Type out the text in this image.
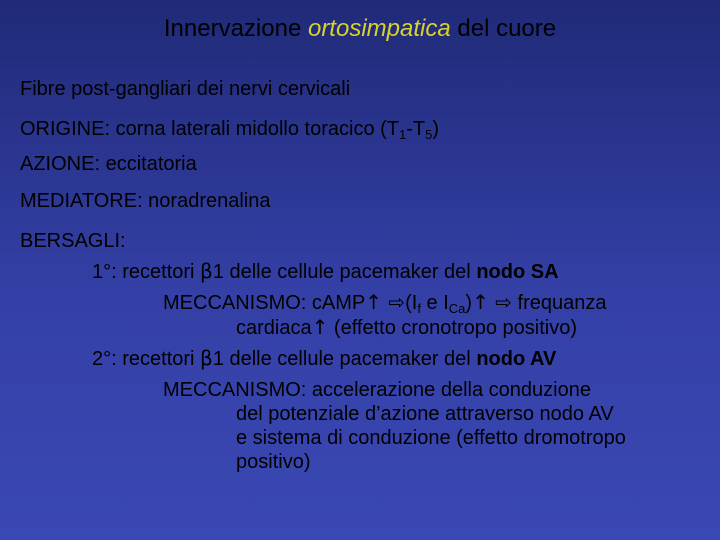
Innervazione ortosimpatica del cuore
Fibre post-gangliari dei nervi cervicali
ORIGINE: corna laterali midollo toracico $(T_1-T_5)$
AZIONE: eccitatoria
MEDIATORE: noradrenalina
BERSAGLI:
1°: recettori β1 delle cellule pacemaker del nodo SA
MECCANISMO: cAMP↑ $⇨(I_f$ e $I_{Ca})↑$ ⇨ frequanza
cardiaca↑ (effetto cronotropo positivo)
2°: recettori β1 delle cellule pacemaker del nodo AV
MECCANISMO: accelerazione della conduzione
del potenziale d’azione attraverso nodo AV
e sistema di conduzione (effetto dromotropo
positivo)
